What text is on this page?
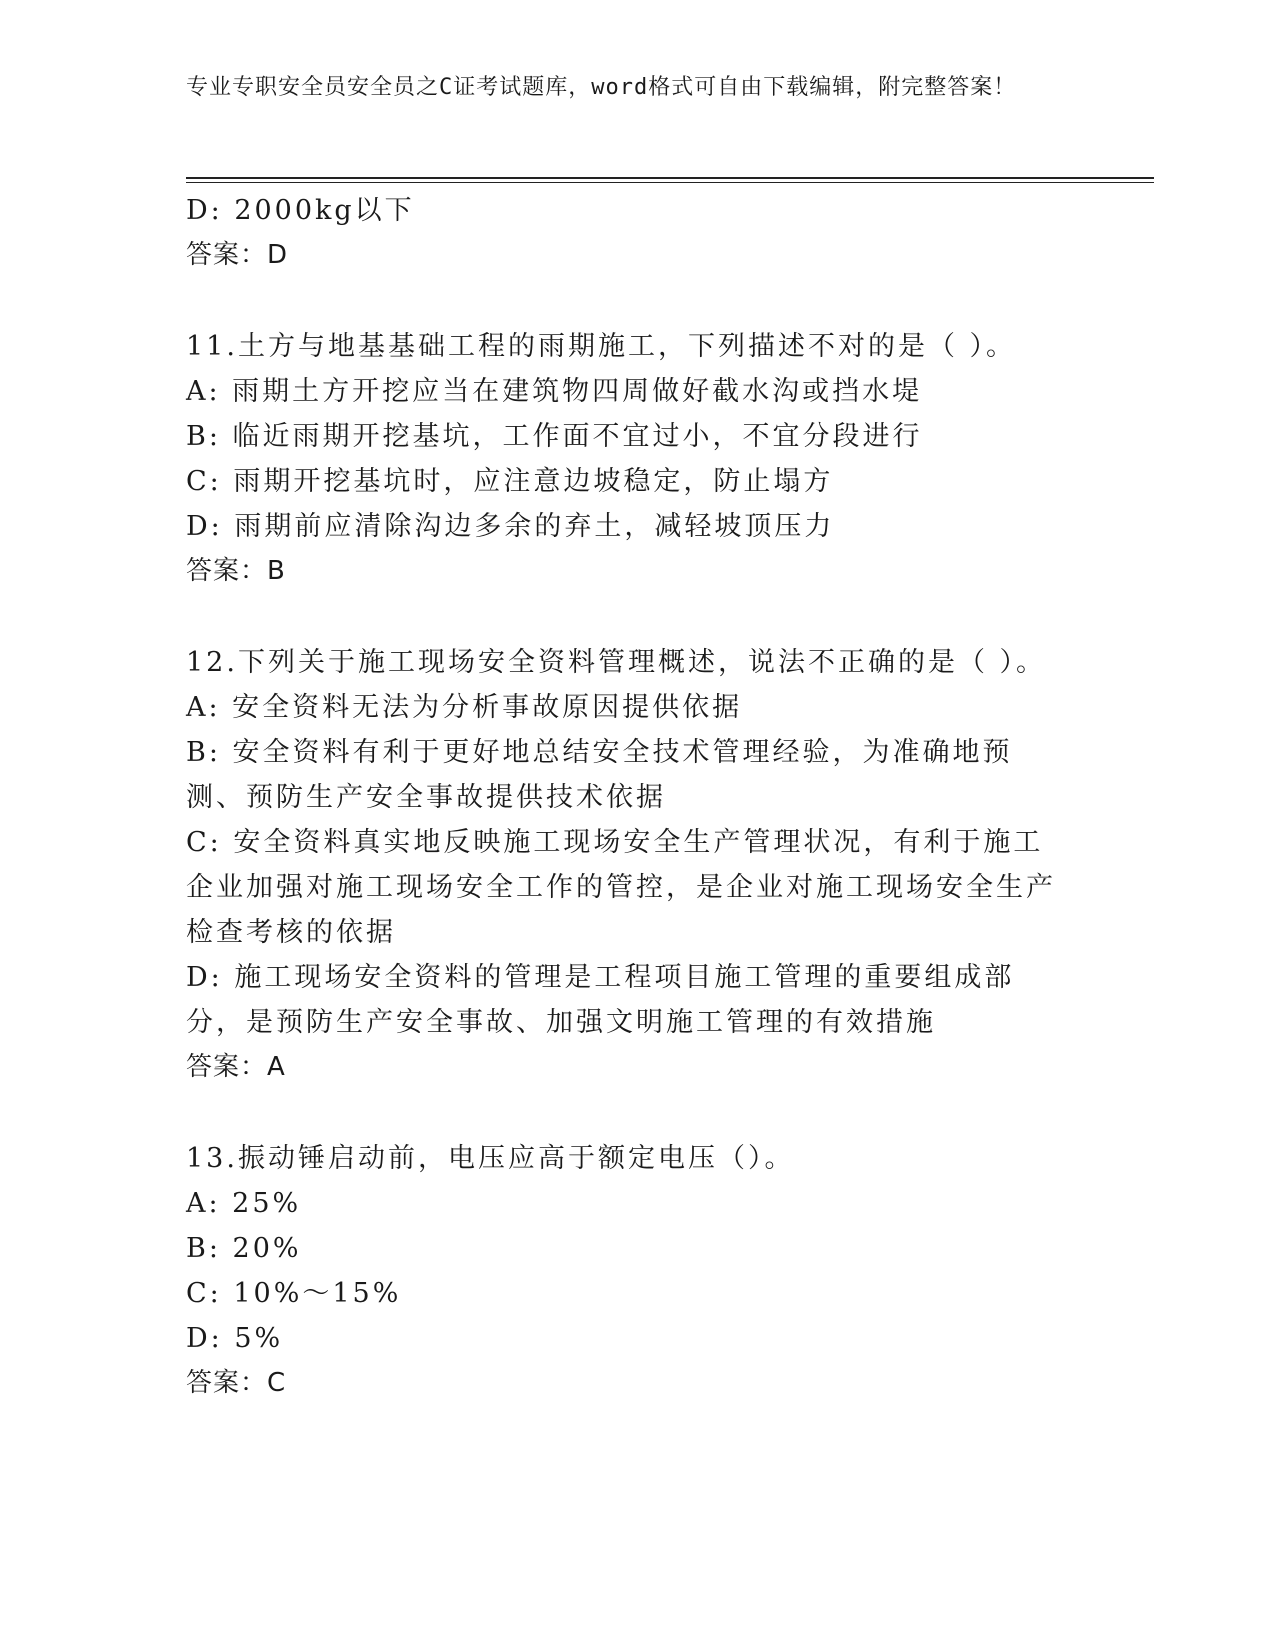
专业专职安全员安全员之C证考试题库，word格式可自由下载编辑，附完整答案！
D: 2000kg以下
答案：D
11.土方与地基基础工程的雨期施工，下列描述不对的是（ ）。
A: 雨期土方开挖应当在建筑物四周做好截水沟或挡水堤
B: 临近雨期开挖基坑，工作面不宜过小，不宜分段进行
C: 雨期开挖基坑时，应注意边坡稳定，防止塌方
D: 雨期前应清除沟边多余的弃土，减轻坡顶压力
答案：B
12.下列关于施工现场安全资料管理概述，说法不正确的是（ ）。
A: 安全资料无法为分析事故原因提供依据
B: 安全资料有利于更好地总结安全技术管理经验，为准确地预测、预防生产安全事故提供技术依据
C: 安全资料真实地反映施工现场安全生产管理状况，有利于施工企业加强对施工现场安全工作的管控，是企业对施工现场安全生产检查考核的依据
D: 施工现场安全资料的管理是工程项目施工管理的重要组成部分，是预防生产安全事故、加强文明施工管理的有效措施
答案：A
13.振动锤启动前，电压应高于额定电压（）。
A: 25%
B: 20%
C: 10%～15%
D: 5%
答案：C
